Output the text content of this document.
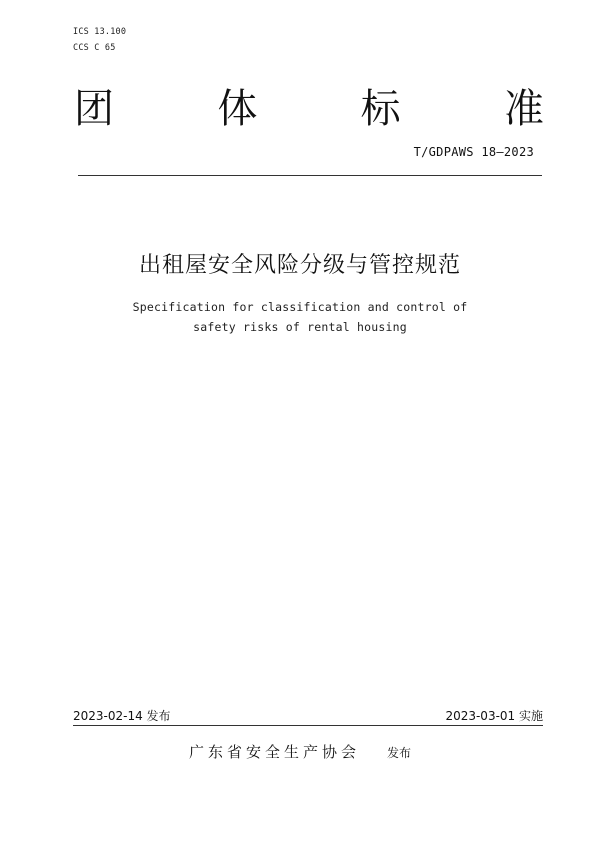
ICS 13.100
CCS C 65
团	体	标	准
T/GDPAWS 18—2023
出租屋安全风险分级与管控规范
Specification for classification and control of
safety risks of rental housing
2023-02-14 发布	2023-03-01 实施
广东省安全生产协会 发布
